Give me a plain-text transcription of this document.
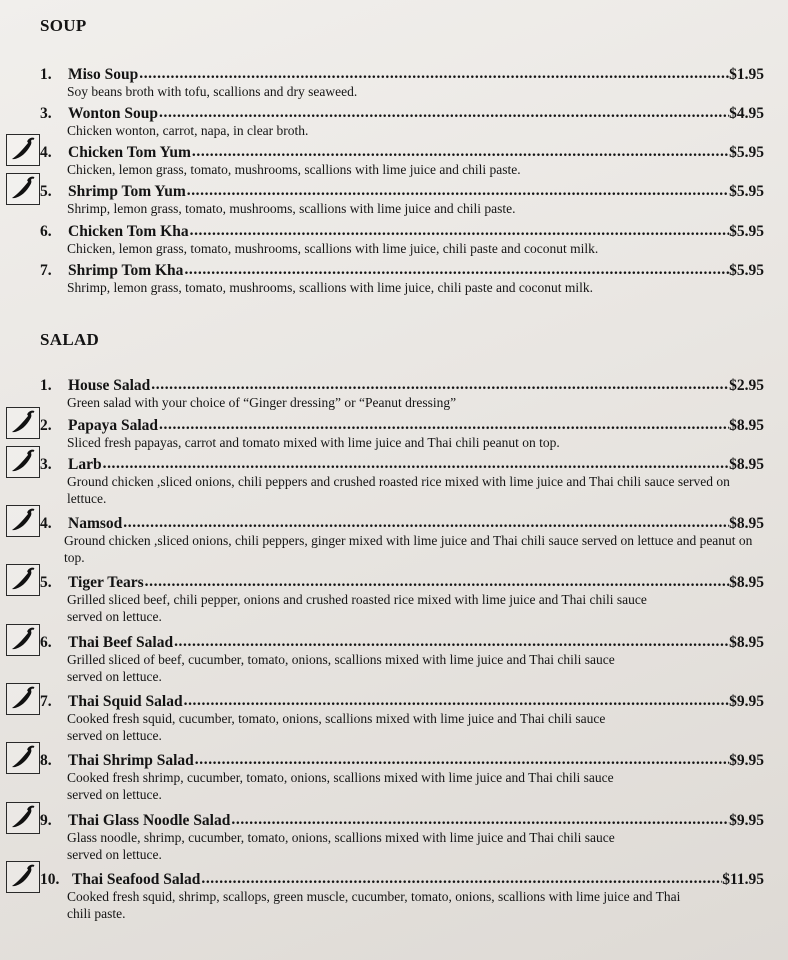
SOUP
1.	Miso Soup .....	$1.95
Soy beans broth with tofu, scallions and dry seaweed.
3.	Wonton Soup .....	$4.95
Chicken wonton, carrot, napa, in clear broth.
4.	Chicken Tom Yum .....	$5.95
Chicken, lemon grass, tomato, mushrooms, scallions with lime juice and chili paste.
5.	Shrimp Tom Yum .....	$5.95
Shrimp, lemon grass, tomato, mushrooms, scallions with lime juice and chili paste.
6.	Chicken Tom Kha .....	$5.95
Chicken, lemon grass, tomato, mushrooms, scallions with lime juice, chili paste and coconut milk.
7.	Shrimp Tom Kha .....	$5.95
Shrimp, lemon grass, tomato, mushrooms, scallions with lime juice, chili paste and coconut milk.
SALAD
1.	House Salad .....	$2.95
Green salad with your choice of “Ginger dressing” or “Peanut dressing”
2.	Papaya Salad .....	$8.95
Sliced fresh papayas, carrot and tomato mixed with lime juice and Thai chili peanut on top.
3.	Larb .....	$8.95
Ground chicken ,sliced onions, chili peppers and crushed roasted rice mixed with lime juice and Thai chili sauce served on lettuce.
4.	Namsod .....	$8.95
Ground chicken ,sliced onions, chili peppers, ginger mixed with lime juice and Thai chili sauce served on lettuce and peanut on top.
5.	Tiger Tears .....	$8.95
Grilled sliced beef, chili pepper, onions and crushed roasted rice mixed with lime juice and Thai chili sauce served on lettuce.
6.	Thai Beef Salad .....	$8.95
Grilled sliced of beef, cucumber, tomato, onions, scallions mixed with lime juice and Thai chili sauce served on lettuce.
7.	Thai Squid Salad .....	$9.95
Cooked fresh squid, cucumber, tomato, onions, scallions mixed with lime juice and Thai chili sauce served on lettuce.
8.	Thai Shrimp Salad .....	$9.95
Cooked fresh shrimp, cucumber, tomato, onions, scallions mixed with lime juice and Thai chili sauce served on lettuce.
9.	Thai Glass Noodle Salad .....	$9.95
Glass noodle, shrimp, cucumber, tomato, onions, scallions mixed with lime juice and Thai chili sauce served on lettuce.
10. Thai Seafood Salad .....	$11.95
Cooked fresh squid, shrimp, scallops, green muscle, cucumber, tomato, onions, scallions with lime juice and Thai chili paste.
